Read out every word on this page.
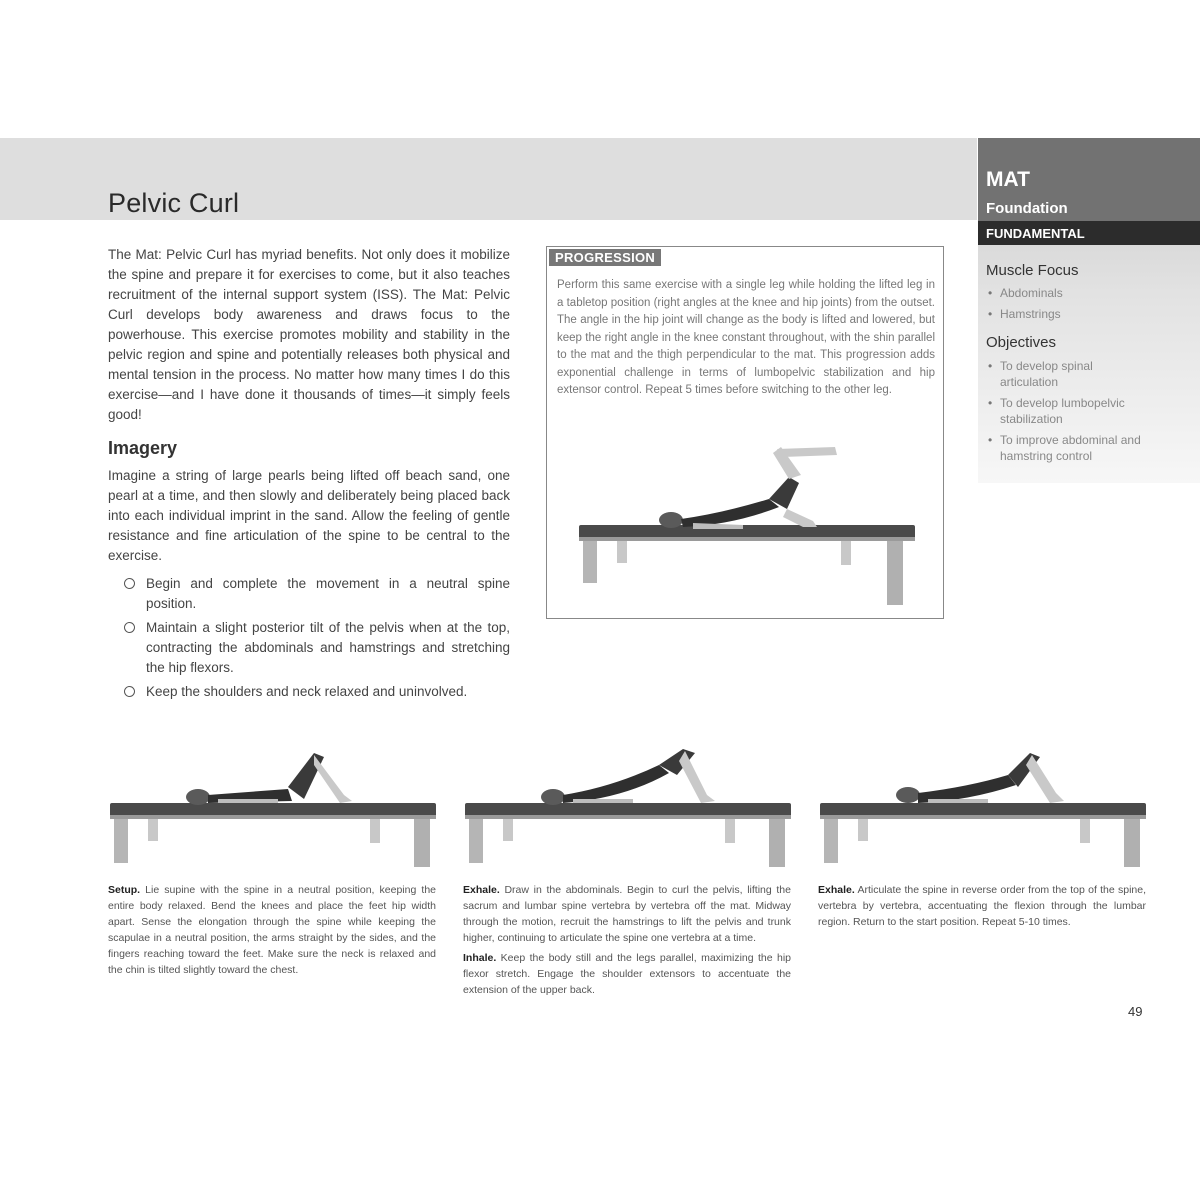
Pelvic Curl
MAT
Foundation
FUNDAMENTAL
Muscle Focus
• Abdominals
• Hamstrings
Objectives
• To develop spinal articulation
• To develop lumbopelvic stabilization
• To improve abdominal and hamstring control

The Mat: Pelvic Curl has myriad benefits. Not only does it mobilize the spine and prepare it for exercises to come, but it also teaches recruitment of the internal support system (ISS). The Mat: Pelvic Curl develops body awareness and draws focus to the powerhouse. This exercise promotes mobility and stability in the pelvic region and spine and potentially releases both physical and mental tension in the process. No matter how many times I do this exercise—and I have done it thousands of times—it simply feels good!

Imagery

Imagine a string of large pearls being lifted off beach sand, one pearl at a time, and then slowly and deliberately being placed back into each individual imprint in the sand. Allow the feeling of gentle resistance and fine articulation of the spine to be central to the exercise.

Begin and complete the movement in a neutral spine position.
Maintain a slight posterior tilt of the pelvis when at the top, contracting the abdominals and hamstrings and stretching the hip flexors.
Keep the shoulders and neck relaxed and uninvolved.
PROGRESSION

Perform this same exercise with a single leg while holding the lifted leg in a tabletop position (right angles at the knee and hip joints) from the outset. The angle in the hip joint will change as the body is lifted and lowered, but keep the right angle in the knee constant throughout, with the shin parallel to the mat and the thigh perpendicular to the mat. This progression adds exponential challenge in terms of lumbopelvic stabilization and hip extensor control. Repeat 5 times before switching to the other leg.

Setup. Lie supine with the spine in a neutral position, keeping the entire body relaxed. Bend the knees and place the feet hip width apart. Sense the elongation through the spine while keeping the scapulae in a neutral position, the arms straight by the sides, and the fingers reaching toward the feet. Make sure the neck is relaxed and the chin is tilted slightly toward the chest.

Exhale. Draw in the abdominals. Begin to curl the pelvis, lifting the sacrum and lumbar spine vertebra by vertebra off the mat. Midway through the motion, recruit the hamstrings to lift the pelvis and trunk higher, continuing to articulate the spine one vertebra at a time.

Inhale. Keep the body still and the legs parallel, maximizing the hip flexor stretch. Engage the shoulder extensors to accentuate the extension of the upper back.

Exhale. Articulate the spine in reverse order from the top of the spine, vertebra by vertebra, accentuating the flexion through the lumbar region. Return to the start position. Repeat 5-10 times.

49
